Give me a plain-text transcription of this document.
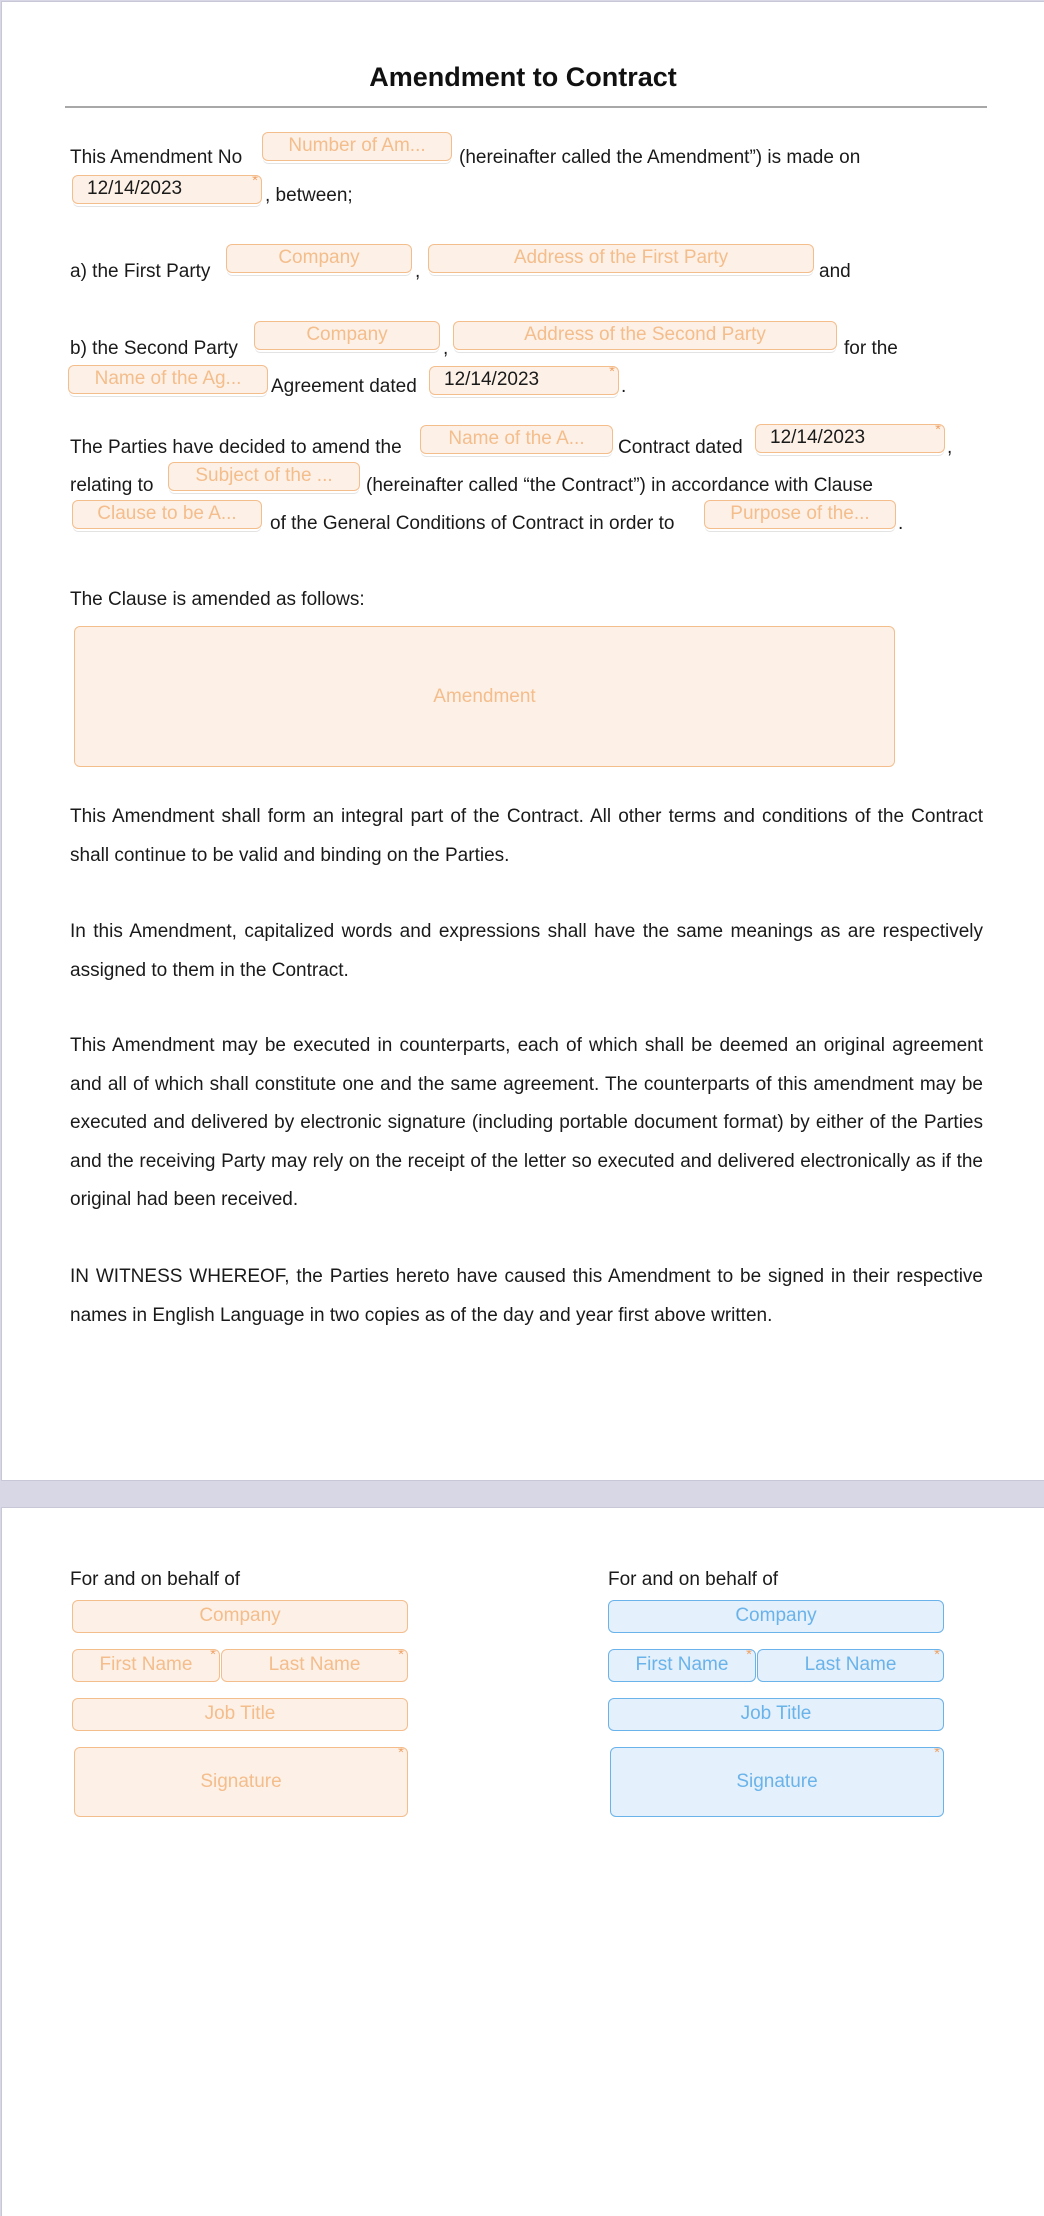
Amendment to Contract
This Amendment No
Number of Am...
(hereinafter called the Amendment”) is made on
12/14/2023	*
, between;
a) the First Party
Company
,
Address of the First Party
and
b) the Second Party
Company
,
Address of the Second Party
for the
Name of the Ag...	Agreement dated	12/14/2023	*
.
The Parties have decided to amend the	Name of the A...	Contract dated	12/14/2023	*
,
relating to	Subject of the ...	(hereinafter called “the Contract”) in accordance with Clause
Clause to be A...	of the General Conditions of Contract in order to	Purpose of the...	.
The Clause is amended as follows:
Amendment
This Amendment shall form an integral part of the Contract. All other terms and conditions of the Contract shall continue to be valid and binding on the Parties.
In this Amendment, capitalized words and expressions shall have the same meanings as are respectively assigned to them in the Contract.
This Amendment may be executed in counterparts, each of which shall be deemed an original agreement and all of which shall constitute one and the same agreement. The counterparts of this amendment may be executed and delivered by electronic signature (including portable document format) by either of the Parties and the receiving Party may rely on the receipt of the letter so executed and delivered electronically as if the original had been received.
IN WITNESS WHEREOF, the Parties hereto have caused this Amendment to be signed in their respective names in English Language in two copies as of the day and year first above written.
For and on behalf of
Company
First Name *	Last Name	*
Job Title
Signature
*
For and on behalf of
Company
First Name *	Last Name	*
Job Title
Signature
*
